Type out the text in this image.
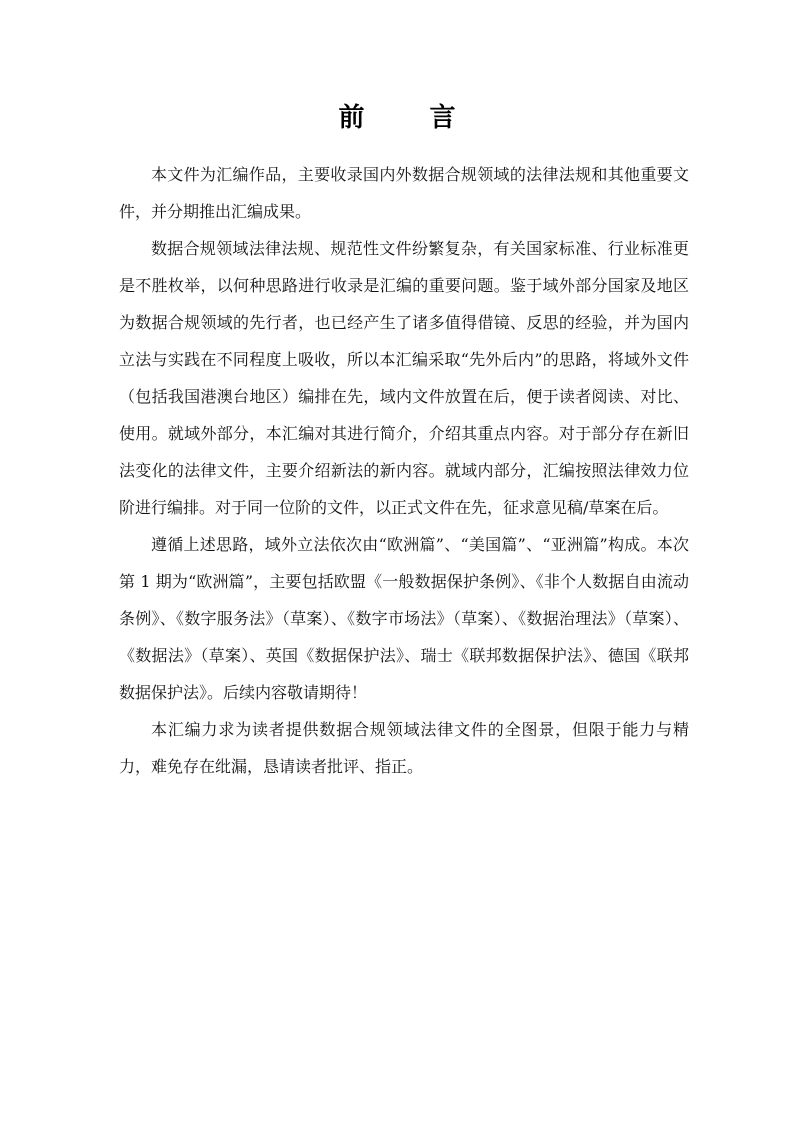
前 言

本文件为汇编作品，主要收录国内外数据合规领域的法律法规和其他重要文件，并分期推出汇编成果。

数据合规领域法律法规、规范性文件纷繁复杂，有关国家标准、行业标准更是不胜枚举，以何种思路进行收录是汇编的重要问题。鉴于域外部分国家及地区为数据合规领域的先行者，也已经产生了诸多值得借镜、反思的经验，并为国内立法与实践在不同程度上吸收，所以本汇编采取“先外后内”的思路，将域外文件（包括我国港澳台地区）编排在先，域内文件放置在后，便于读者阅读、对比、使用。就域外部分，本汇编对其进行简介，介绍其重点内容。对于部分存在新旧法变化的法律文件，主要介绍新法的新内容。就域内部分，汇编按照法律效力位阶进行编排。对于同一位阶的文件，以正式文件在先，征求意见稿/草案在后。

遵循上述思路，域外立法依次由“欧洲篇”、“美国篇”、“亚洲篇”构成。本次第 1 期为“欧洲篇”，主要包括欧盟《一般数据保护条例》、《非个人数据自由流动条例》、《数字服务法》（草案）、《数字市场法》（草案）、《数据治理法》（草案）、《数据法》（草案）、英国《数据保护法》、瑞士《联邦数据保护法》、德国《联邦数据保护法》。后续内容敬请期待！

本汇编力求为读者提供数据合规领域法律文件的全图景，但限于能力与精力，难免存在纰漏，恳请读者批评、指正。
